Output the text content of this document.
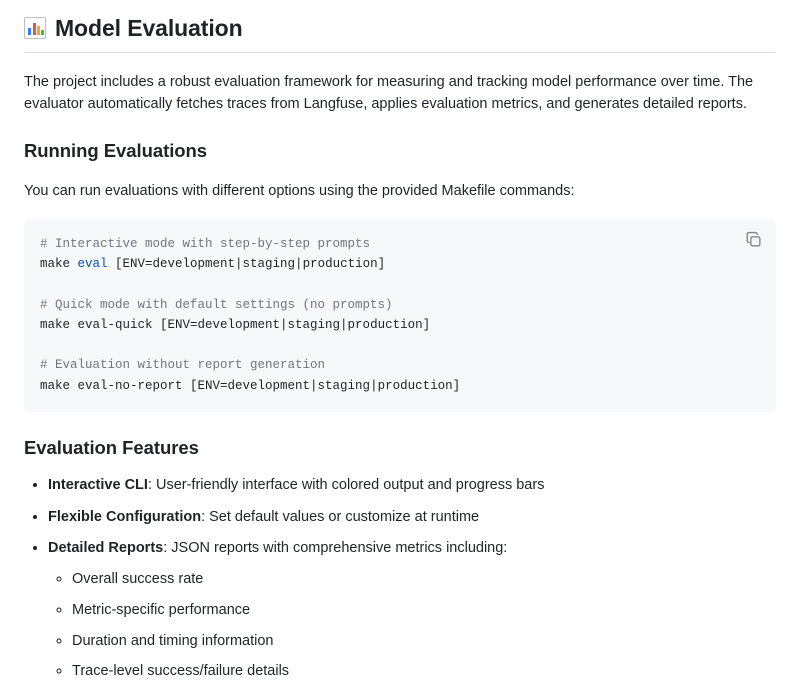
Model Evaluation

The project includes a robust evaluation framework for measuring and tracking model performance over time. The evaluator automatically fetches traces from Langfuse, applies evaluation metrics, and generates detailed reports.

Running Evaluations

You can run evaluations with different options using the provided Makefile commands:

# Interactive mode with step-by-step prompts
make eval [ENV=development|staging|production]

# Quick mode with default settings (no prompts)
make eval-quick [ENV=development|staging|production]

# Evaluation without report generation
make eval-no-report [ENV=development|staging|production]
Evaluation Features
• Interactive CLI: User-friendly interface with colored output and progress bars
• Flexible Configuration: Set default values or customize at runtime
• Detailed Reports: JSON reports with comprehensive metrics including:
◦ Overall success rate
◦ Metric-specific performance
◦ Duration and timing information
◦ Trace-level success/failure details
